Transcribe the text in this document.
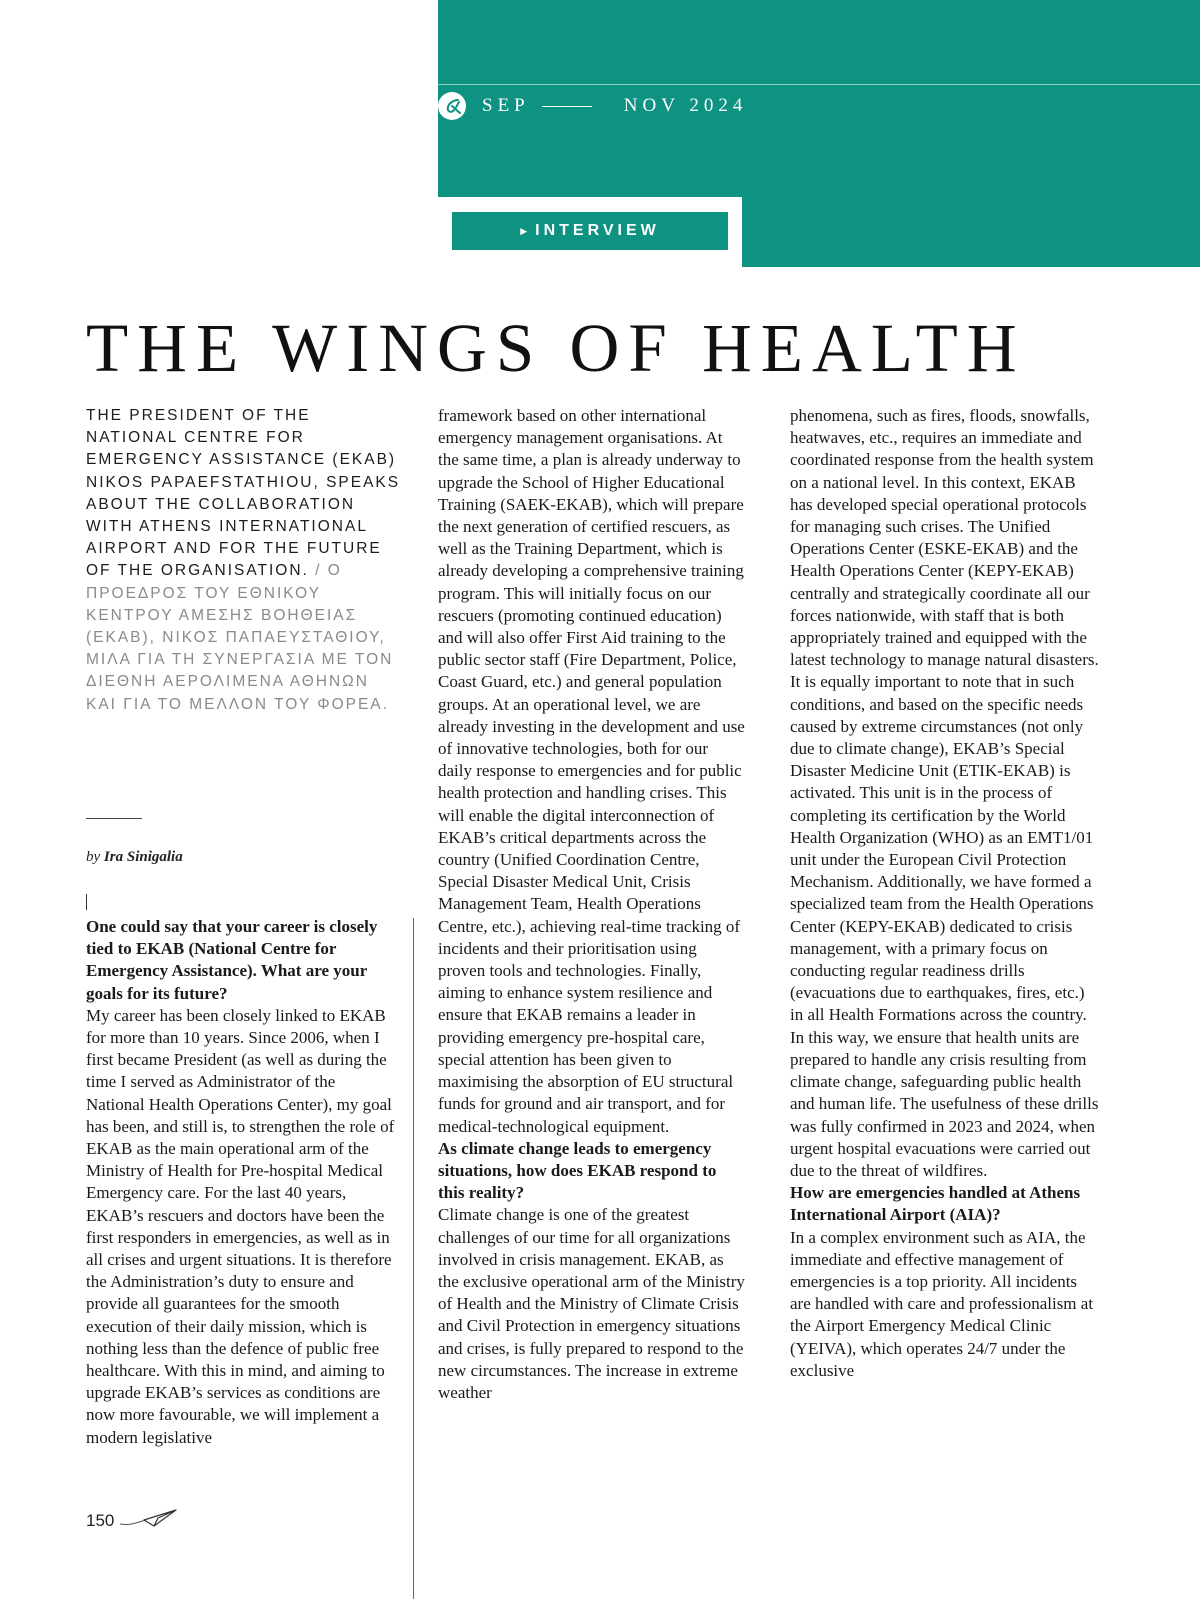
SEP	NOV 2024
▶ INTERVIEW
THE WINGS OF HEALTH
THE PRESIDENT OF THE NATIONAL CENTRE FOR EMERGENCY ASSISTANCE (EKAB) NIKOS PAPAEFSTATHIOU, SPEAKS ABOUT THE COLLABORATION WITH ATHENS INTERNATIONAL AIRPORT AND FOR THE FUTURE OF THE ORGANISATION. / Ο ΠΡΟΕΔΡΟΣ ΤΟΥ ΕΘΝΙΚΟΥ ΚΕΝΤΡΟΥ ΑΜΕΣΗΣ ΒΟΗΘΕΙΑΣ (ΕΚΑΒ), ΝΙΚΟΣ ΠΑΠΑΕΥΣΤΑΘΙΟΥ, ΜΙΛΑ ΓΙΑ ΤΗ ΣΥΝΕΡΓΑΣΙΑ ΜΕ ΤΟΝ ΔΙΕΘΝΗ ΑΕΡΟΛΙΜΕΝΑ ΑΘΗΝΩΝ ΚΑΙ ΓΙΑ ΤΟ ΜΕΛΛΟΝ ΤΟΥ ΦΟΡΕΑ.
by Ira Sinigalia

One could say that your career is closely tied to EKAB (National Centre for Emergency Assistance). What are your goals for its future?

My career has been closely linked to EKAB for more than 10 years. Since 2006, when I first became President (as well as during the time I served as Administrator of the National Health Operations Center), my goal has been, and still is, to strengthen the role of EKAB as the main operational arm of the Ministry of Health for Pre-hospital Medical Emergency care. For the last 40 years, EKAB’s rescuers and doctors have been the first responders in emergencies, as well as in all crises and urgent situations. It is therefore the Administration’s duty to ensure and provide all guarantees for the smooth execution of their daily mission, which is nothing less than the defence of public free healthcare. With this in mind, and aiming to upgrade EKAB’s services as conditions are now more favourable, we will implement a modern legislative

framework based on other international emergency management organisations. At the same time, a plan is already underway to upgrade the School of Higher Educational Training (SAEK-EKAB), which will prepare the next generation of certified rescuers, as well as the Training Department, which is already developing a comprehensive training program. This will initially focus on our rescuers (promoting continued education) and will also offer First Aid training to the public sector staff (Fire Department, Police, Coast Guard, etc.) and general population groups. At an operational level, we are already investing in the development and use of innovative technologies, both for our daily response to emergencies and for public health protection and handling crises. This will enable the digital interconnection of EKAB’s critical departments across the country (Unified Coordination Centre, Special Disaster Medical Unit, Crisis Management Team, Health Operations Centre, etc.), achieving real-time tracking of incidents and their prioritisation using proven tools and technologies. Finally, aiming to enhance system resilience and ensure that EKAB remains a leader in providing emergency pre-hospital care, special attention has been given to maximising the absorption of EU structural funds for ground and air transport, and for medical-technological equipment.

As climate change leads to emergency situations, how does EKAB respond to this reality?

Climate change is one of the greatest challenges of our time for all organizations involved in crisis management. EKAB, as the exclusive operational arm of the Ministry of Health and the Ministry of Climate Crisis and Civil Protection in emergency situations and crises, is fully prepared to respond to the new circumstances. The increase in extreme weather

phenomena, such as fires, floods, snowfalls, heatwaves, etc., requires an immediate and coordinated response from the health system on a national level. In this context, EKAB has developed special operational protocols for managing such crises. The Unified Operations Center (ESKE-EKAB) and the Health Operations Center (KEPY-EKAB) centrally and strategically coordinate all our forces nationwide, with staff that is both appropriately trained and equipped with the latest technology to manage natural disasters. It is equally important to note that in such conditions, and based on the specific needs caused by extreme circumstances (not only due to climate change), EKAB’s Special Disaster Medicine Unit (ETIK-EKAB) is activated. This unit is in the process of completing its certification by the World Health Organization (WHO) as an EMT1/01 unit under the European Civil Protection Mechanism. Additionally, we have formed a specialized team from the Health Operations Center (KEPY-EKAB) dedicated to crisis management, with a primary focus on conducting regular readiness drills (evacuations due to earthquakes, fires, etc.) in all Health Formations across the country. In this way, we ensure that health units are prepared to handle any crisis resulting from climate change, safeguarding public health and human life. The usefulness of these drills was fully confirmed in 2023 and 2024, when urgent hospital evacuations were carried out due to the threat of wildfires.

How are emergencies handled at Athens International Airport (AIA)?

In a complex environment such as AIA, the immediate and effective management of emergencies is a top priority. All incidents are handled with care and professionalism at the Airport Emergency Medical Clinic (YEIVA), which operates 24/7 under the exclusive

150
